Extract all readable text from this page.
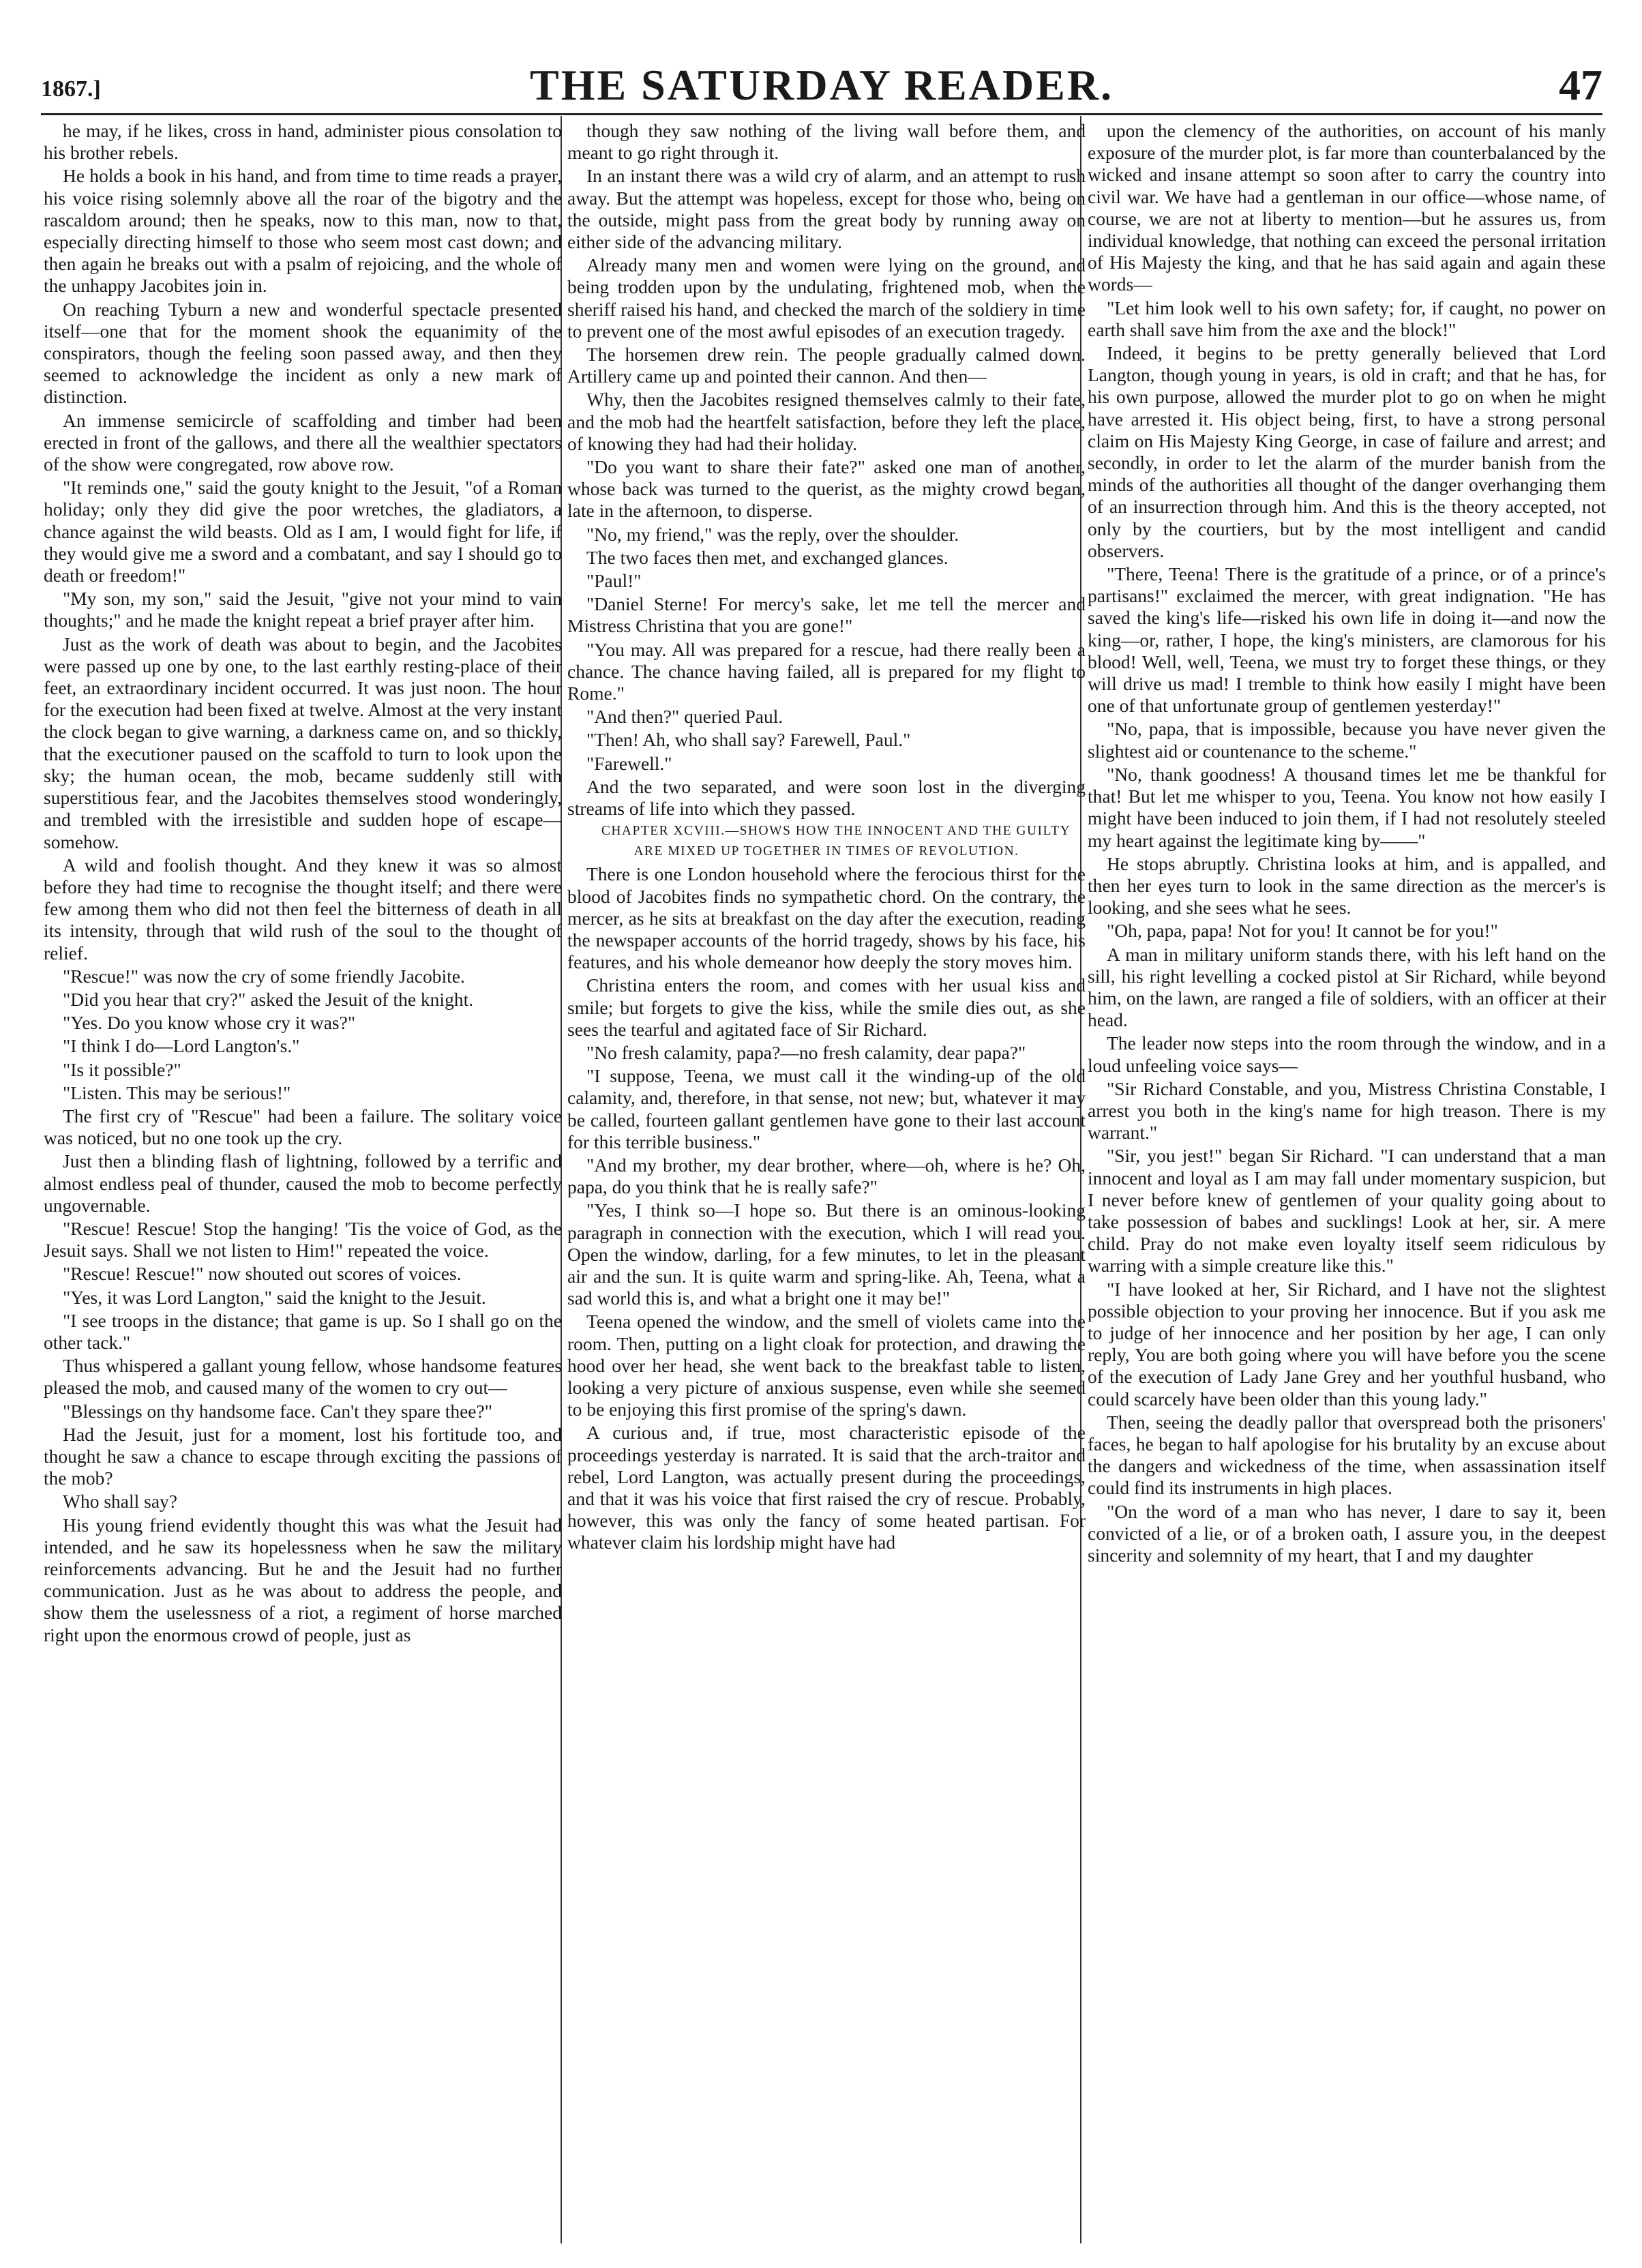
1867.]	THE SATURDAY READER.	47

he may, if he likes, cross in hand, administer pious consolation to his brother rebels.

He holds a book in his hand, and from time to time reads a prayer, his voice rising solemnly above all the roar of the bigotry and the rascaldom around; then he speaks, now to this man, now to that, especially directing himself to those who seem most cast down; and then again he breaks out with a psalm of rejoicing, and the whole of the unhappy Jacobites join in.

On reaching Tyburn a new and wonderful spectacle presented itself—one that for the moment shook the equanimity of the conspirators, though the feeling soon passed away, and then they seemed to acknowledge the incident as only a new mark of distinction.

An immense semicircle of scaffolding and timber had been erected in front of the gallows, and there all the wealthier spectators of the show were congregated, row above row.

"It reminds one," said the gouty knight to the Jesuit, "of a Roman holiday; only they did give the poor wretches, the gladiators, a chance against the wild beasts. Old as I am, I would fight for life, if they would give me a sword and a combatant, and say I should go to death or freedom!"

"My son, my son," said the Jesuit, "give not your mind to vain thoughts;" and he made the knight repeat a brief prayer after him.

Just as the work of death was about to begin, and the Jacobites were passed up one by one, to the last earthly resting-place of their feet, an extraordinary incident occurred. It was just noon. The hour for the execution had been fixed at twelve. Almost at the very instant the clock began to give warning, a darkness came on, and so thickly, that the executioner paused on the scaffold to turn to look upon the sky; the human ocean, the mob, became suddenly still with superstitious fear, and the Jacobites themselves stood wonderingly, and trembled with the irresistible and sudden hope of escape—somehow.

A wild and foolish thought. And they knew it was so almost before they had time to recognise the thought itself; and there were few among them who did not then feel the bitterness of death in all its intensity, through that wild rush of the soul to the thought of relief.

"Rescue!" was now the cry of some friendly Jacobite.

"Did you hear that cry?" asked the Jesuit of the knight.

"Yes. Do you know whose cry it was?"

"I think I do—Lord Langton's."

"Is it possible?"

"Listen. This may be serious!"

The first cry of "Rescue" had been a failure. The solitary voice was noticed, but no one took up the cry.

Just then a blinding flash of lightning, followed by a terrific and almost endless peal of thunder, caused the mob to become perfectly ungovernable.

"Rescue! Rescue! Stop the hanging! 'Tis the voice of God, as the Jesuit says. Shall we not listen to Him!" repeated the voice.

"Rescue! Rescue!" now shouted out scores of voices.

"Yes, it was Lord Langton," said the knight to the Jesuit.

"I see troops in the distance; that game is up. So I shall go on the other tack."

Thus whispered a gallant young fellow, whose handsome features pleased the mob, and caused many of the women to cry out—

"Blessings on thy handsome face. Can't they spare thee?"

Had the Jesuit, just for a moment, lost his fortitude too, and thought he saw a chance to escape through exciting the passions of the mob?

Who shall say?

His young friend evidently thought this was what the Jesuit had intended, and he saw its hopelessness when he saw the military reinforcements advancing. But he and the Jesuit had no further communication. Just as he was about to address the people, and show them the uselessness of a riot, a regiment of horse marched right upon the enormous crowd of people, just as

though they saw nothing of the living wall before them, and meant to go right through it.

In an instant there was a wild cry of alarm, and an attempt to rush away. But the attempt was hopeless, except for those who, being on the outside, might pass from the great body by running away on either side of the advancing military.

Already many men and women were lying on the ground, and being trodden upon by the undulating, frightened mob, when the sheriff raised his hand, and checked the march of the soldiery in time to prevent one of the most awful episodes of an execution tragedy.

The horsemen drew rein. The people gradually calmed down. Artillery came up and pointed their cannon. And then—

Why, then the Jacobites resigned themselves calmly to their fate, and the mob had the heartfelt satisfaction, before they left the place, of knowing they had had their holiday.

"Do you want to share their fate?" asked one man of another, whose back was turned to the querist, as the mighty crowd began, late in the afternoon, to disperse.

"No, my friend," was the reply, over the shoulder.

The two faces then met, and exchanged glances.

"Paul!"

"Daniel Sterne! For mercy's sake, let me tell the mercer and Mistress Christina that you are gone!"

"You may. All was prepared for a rescue, had there really been a chance. The chance having failed, all is prepared for my flight to Rome."

"And then?" queried Paul.

"Then! Ah, who shall say? Farewell, Paul."

"Farewell."

And the two separated, and were soon lost in the diverging streams of life into which they passed.

CHAPTER XCVIII.—SHOWS HOW THE INNOCENT AND THE GUILTY ARE MIXED UP TOGETHER IN TIMES OF REVOLUTION.

There is one London household where the ferocious thirst for the blood of Jacobites finds no sympathetic chord. On the contrary, the mercer, as he sits at breakfast on the day after the execution, reading the newspaper accounts of the horrid tragedy, shows by his face, his features, and his whole demeanor how deeply the story moves him.

Christina enters the room, and comes with her usual kiss and smile; but forgets to give the kiss, while the smile dies out, as she sees the tearful and agitated face of Sir Richard.

"No fresh calamity, papa?—no fresh calamity, dear papa?"

"I suppose, Teena, we must call it the winding-up of the old calamity, and, therefore, in that sense, not new; but, whatever it may be called, fourteen gallant gentlemen have gone to their last account for this terrible business."

"And my brother, my dear brother, where—oh, where is he? Oh, papa, do you think that he is really safe?"

"Yes, I think so—I hope so. But there is an ominous-looking paragraph in connection with the execution, which I will read you. Open the window, darling, for a few minutes, to let in the pleasant air and the sun. It is quite warm and spring-like. Ah, Teena, what a sad world this is, and what a bright one it may be!"

Teena opened the window, and the smell of violets came into the room. Then, putting on a light cloak for protection, and drawing the hood over her head, she went back to the breakfast table to listen, looking a very picture of anxious suspense, even while she seemed to be enjoying this first promise of the spring's dawn.

A curious and, if true, most characteristic episode of the proceedings yesterday is narrated. It is said that the arch-traitor and rebel, Lord Langton, was actually present during the proceedings, and that it was his voice that first raised the cry of rescue. Probably, however, this was only the fancy of some heated partisan. For whatever claim his lordship might have had

upon the clemency of the authorities, on account of his manly exposure of the murder plot, is far more than counterbalanced by the wicked and insane attempt so soon after to carry the country into civil war. We have had a gentleman in our office—whose name, of course, we are not at liberty to mention—but he assures us, from individual knowledge, that nothing can exceed the personal irritation of His Majesty the king, and that he has said again and again these words—

"Let him look well to his own safety; for, if caught, no power on earth shall save him from the axe and the block!"

Indeed, it begins to be pretty generally believed that Lord Langton, though young in years, is old in craft; and that he has, for his own purpose, allowed the murder plot to go on when he might have arrested it. His object being, first, to have a strong personal claim on His Majesty King George, in case of failure and arrest; and secondly, in order to let the alarm of the murder banish from the minds of the authorities all thought of the danger overhanging them of an insurrection through him. And this is the theory accepted, not only by the courtiers, but by the most intelligent and candid observers.

"There, Teena! There is the gratitude of a prince, or of a prince's partisans!" exclaimed the mercer, with great indignation. "He has saved the king's life—risked his own life in doing it—and now the king—or, rather, I hope, the king's ministers, are clamorous for his blood! Well, well, Teena, we must try to forget these things, or they will drive us mad! I tremble to think how easily I might have been one of that unfortunate group of gentlemen yesterday!"

"No, papa, that is impossible, because you have never given the slightest aid or countenance to the scheme."

"No, thank goodness! A thousand times let me be thankful for that! But let me whisper to you, Teena. You know not how easily I might have been induced to join them, if I had not resolutely steeled my heart against the legitimate king by——"

He stops abruptly. Christina looks at him, and is appalled, and then her eyes turn to look in the same direction as the mercer's is looking, and she sees what he sees.

"Oh, papa, papa! Not for you! It cannot be for you!"

A man in military uniform stands there, with his left hand on the sill, his right levelling a cocked pistol at Sir Richard, while beyond him, on the lawn, are ranged a file of soldiers, with an officer at their head.

The leader now steps into the room through the window, and in a loud unfeeling voice says—

"Sir Richard Constable, and you, Mistress Christina Constable, I arrest you both in the king's name for high treason. There is my warrant."

"Sir, you jest!" began Sir Richard. "I can understand that a man innocent and loyal as I am may fall under momentary suspicion, but I never before knew of gentlemen of your quality going about to take possession of babes and sucklings! Look at her, sir. A mere child. Pray do not make even loyalty itself seem ridiculous by warring with a simple creature like this."

"I have looked at her, Sir Richard, and I have not the slightest possible objection to your proving her innocence. But if you ask me to judge of her innocence and her position by her age, I can only reply, You are both going where you will have before you the scene of the execution of Lady Jane Grey and her youthful husband, who could scarcely have been older than this young lady."

Then, seeing the deadly pallor that overspread both the prisoners' faces, he began to half apologise for his brutality by an excuse about the dangers and wickedness of the time, when assassination itself could find its instruments in high places.

"On the word of a man who has never, I dare to say it, been convicted of a lie, or of a broken oath, I assure you, in the deepest sincerity and solemnity of my heart, that I and my daughter
